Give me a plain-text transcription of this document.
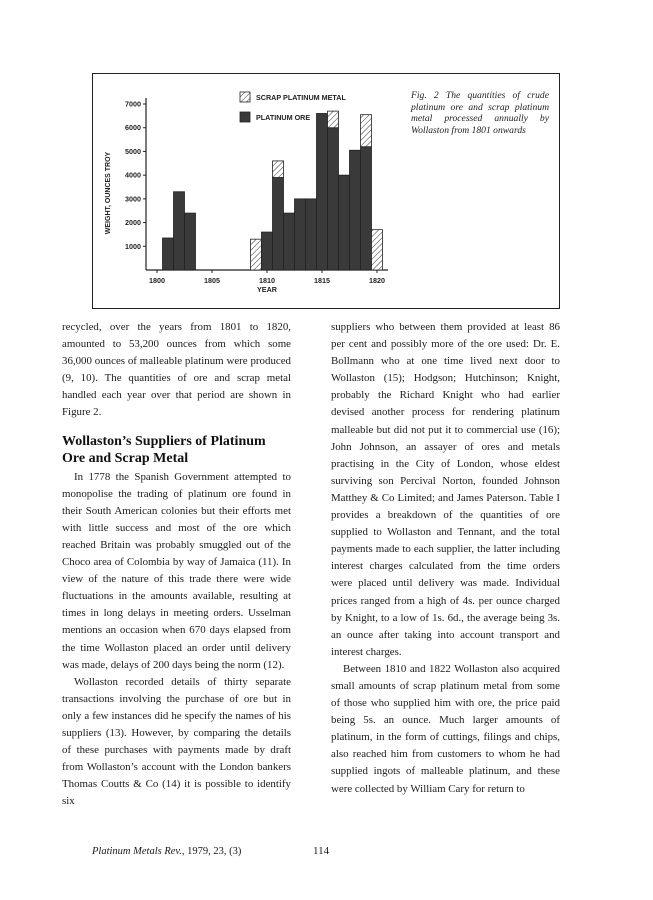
1000
2000
3000
4000
5000
6000
7000
1800	1805	1810	1815	1820
YEAR
WEIGHT, OUNCES TROY
SCRAP PLATINUM METAL
PLATINUM ORE
Fig. 2 The quantities of crude platinum ore and scrap platinum metal processed annually by Wollaston from 1801 onwards

recycled, over the years from 1801 to 1820, amounted to 53,200 ounces from which some 36,000 ounces of malleable platinum were produced (9, 10). The quantities of ore and scrap metal handled each year over that period are shown in Figure 2.

Wollaston’s Suppliers of Platinum Ore and Scrap Metal

In 1778 the Spanish Government attempted to monopolise the trading of platinum ore found in their South American colonies but their efforts met with little success and most of the ore which reached Britain was probably smuggled out of the Choco area of Colombia by way of Jamaica (11). In view of the nature of this trade there were wide fluctuations in the amounts available, resulting at times in long delays in meeting orders. Usselman mentions an occasion when 670 days elapsed from the time Wollaston placed an order until delivery was made, delays of 200 days being the norm (12).

Wollaston recorded details of thirty separate transactions involving the purchase of ore but in only a few instances did he specify the names of his suppliers (13). However, by comparing the details of these purchases with payments made by draft from Wollaston’s account with the London bankers Thomas Coutts & Co (14) it is possible to identify six

suppliers who between them provided at least 86 per cent and possibly more of the ore used: Dr. E. Bollmann who at one time lived next door to Wollaston (15); Hodgson; Hutchinson; Knight, probably the Richard Knight who had earlier devised another process for rendering platinum malleable but did not put it to commercial use (16); John Johnson, an assayer of ores and metals practising in the City of London, whose eldest surviving son Percival Norton, founded Johnson Matthey & Co Limited; and James Paterson. Table I provides a breakdown of the quantities of ore supplied to Wollaston and Tennant, and the total payments made to each supplier, the latter including interest charges calculated from the time orders were placed until delivery was made. Individual prices ranged from a high of 4s. per ounce charged by Knight, to a low of 1s. 6d., the average being 3s. an ounce after taking into account transport and interest charges.

Between 1810 and 1822 Wollaston also acquired small amounts of scrap platinum metal from some of those who supplied him with ore, the price paid being 5s. an ounce. Much larger amounts of platinum, in the form of cuttings, filings and chips, also reached him from customers to whom he had supplied ingots of malleable platinum, and these were collected by William Cary for return to

Platinum Metals Rev., 1979, 23, (3)	114
